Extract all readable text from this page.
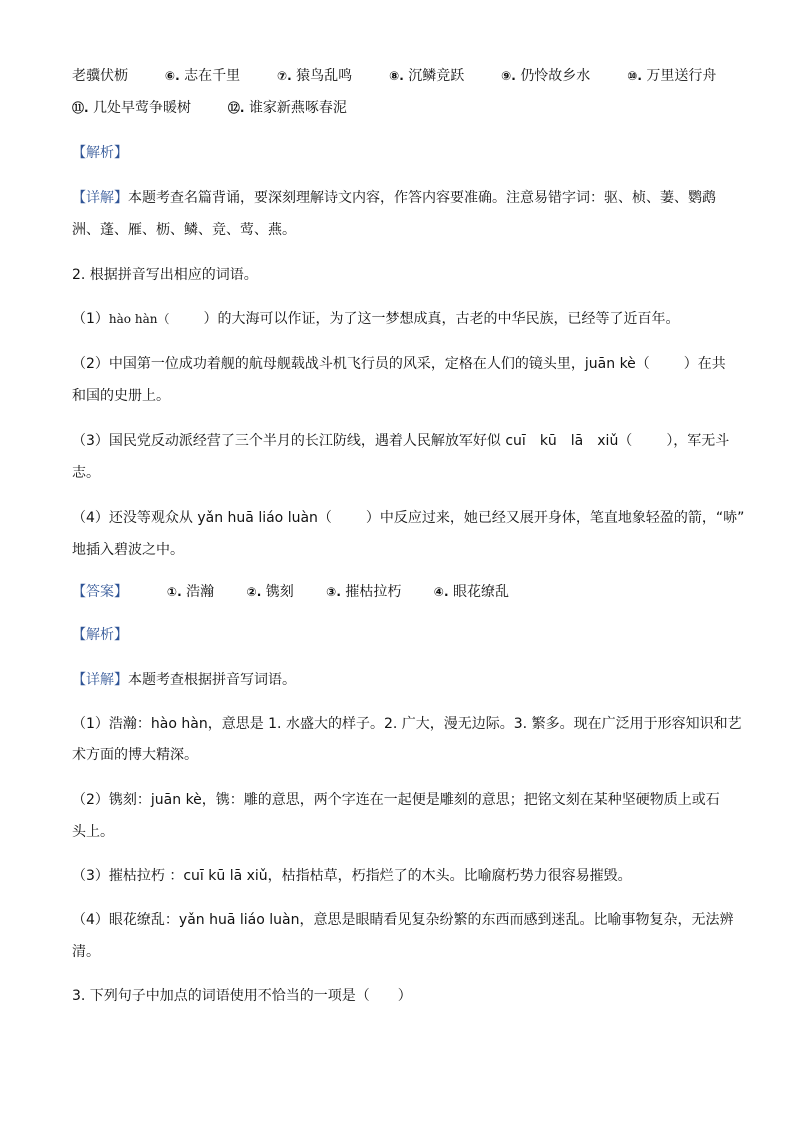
老骥伏枥	⑥. 志在千里	⑦. 猿鸟乱鸣	⑧. 沉鳞竞跃	⑨. 仍怜故乡水	⑩. 万里送行舟
⑪. 几处早莺争暖树	⑫. 谁家新燕啄春泥
【解析】
【详解】本题考查名篇背诵，要深刻理解诗文内容，作答内容要准确。注意易错字词：驱、桢、萋、鹦鹉
洲、蓬、雁、枥、鳞、竞、莺、燕。
2. 根据拼音写出相应的词语。
（1）hào hàn（ ）的大海可以作证，为了这一梦想成真，古老的中华民族，已经等了近百年。
（2）中国第一位成功着舰的航母舰载战斗机飞行员的风采，定格在人们的镜头里，juān kè（ ）在共
和国的史册上。
（3）国民党反动派经营了三个半月的长江防线，遇着人民解放军好似 cuī　kū　lā　xiǔ（ ），军无斗
志。
（4）还没等观众从 yǎn huā liáo luàn（ ）中反应过来，她已经又展开身体，笔直地象轻盈的箭，“哧”
地插入碧波之中。
【答案】	①. 浩瀚	②. 镌刻	③. 摧枯拉朽	④. 眼花缭乱
【解析】
【详解】本题考查根据拼音写词语。
（1）浩瀚：hào hàn，意思是 1. 水盛大的样子。2. 广大，漫无边际。3. 繁多。现在广泛用于形容知识和艺
术方面的博大精深。
（2）镌刻：juān kè，镌：雕的意思，两个字连在一起便是雕刻的意思；把铭文刻在某种坚硬物质上或石
头上。
（3）摧枯拉朽 ：cuī kū lā xiǔ，枯指枯草，朽指烂了的木头。比喻腐朽势力很容易摧毁。
（4）眼花缭乱：yǎn huā liáo luàn，意思是眼睛看见复杂纷繁的东西而感到迷乱。比喻事物复杂，无法辨
清。
3. 下列句子中加点的词语使用不恰当的一项是（　　）
